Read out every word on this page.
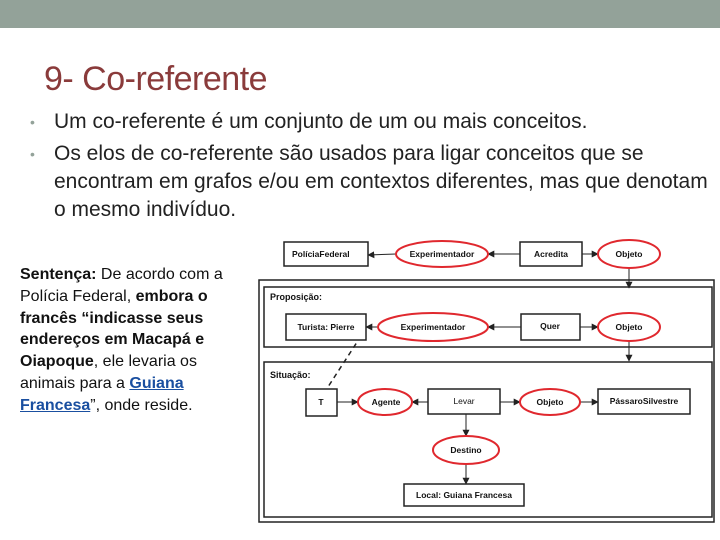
9- Co-referente
• Um co-referente é um conjunto de um ou mais conceitos.
• Os elos de co-referente são usados para ligar conceitos que se encontram em grafos e/ou em contextos diferentes, mas que denotam o mesmo indivíduo.
Sentença: De acordo com a Polícia Federal, embora o francês “indicasse seus endereços em Macapá e Oiapoque, ele levaria os animais para a Guiana Francesa”, onde reside.
Proposição:
Situação:
PolíciaFederal	Experimentador	Acredita	Objeto
Turista: Pierre	Experimentador	Quer	Objeto
T	Agente	Levar	Objeto	PássaroSilvestre
Destino
Local: Guiana Francesa
